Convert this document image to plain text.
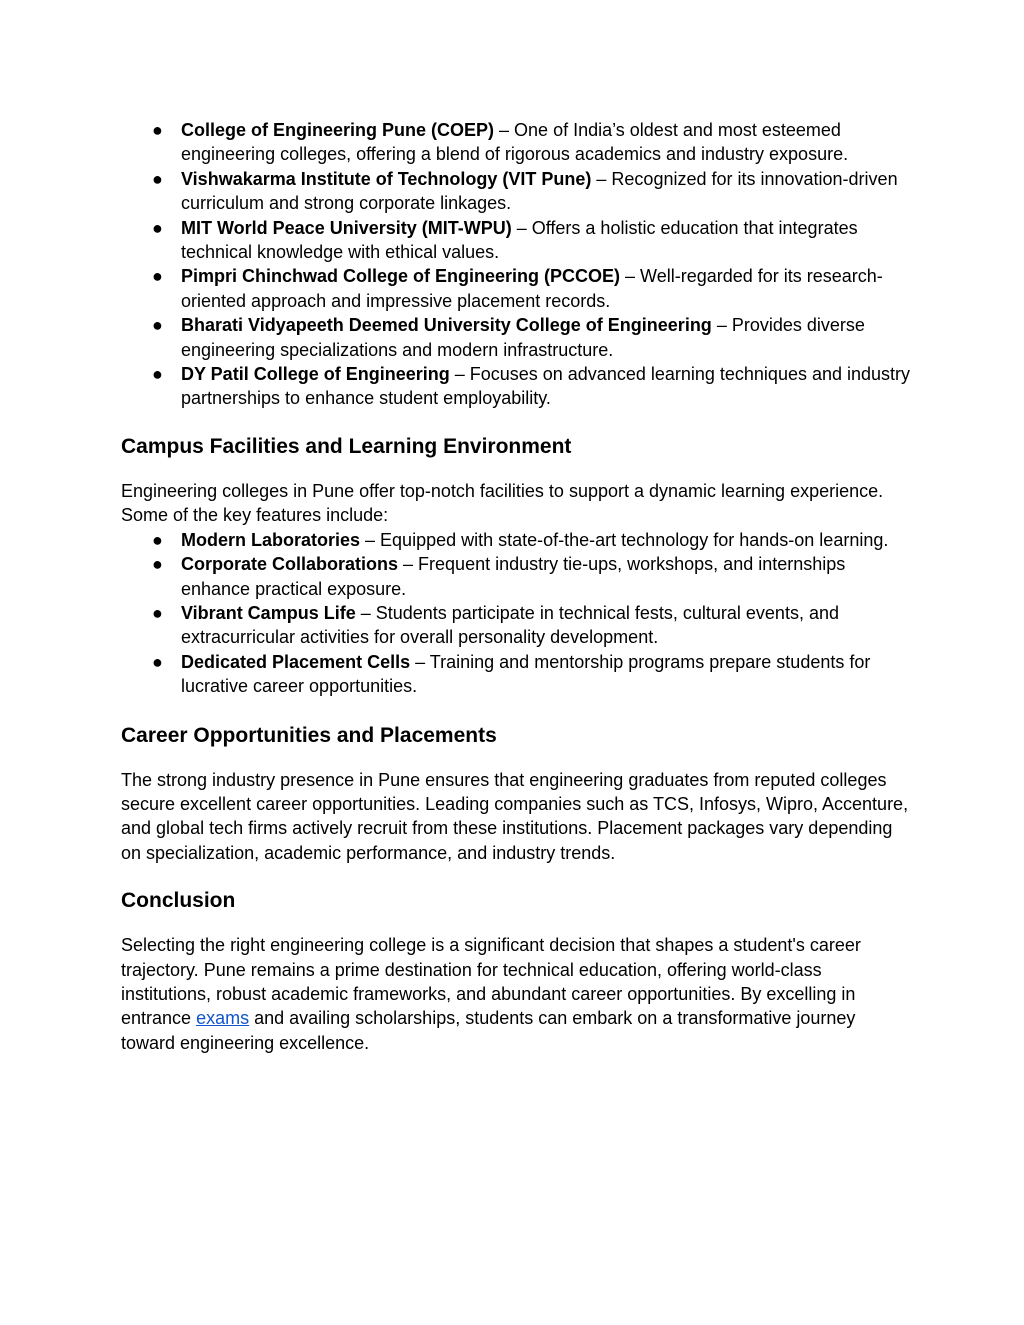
● College of Engineering Pune (COEP) – One of India’s oldest and most esteemed engineering colleges, offering a blend of rigorous academics and industry exposure.
● Vishwakarma Institute of Technology (VIT Pune) – Recognized for its innovation-driven curriculum and strong corporate linkages.
● MIT World Peace University (MIT-WPU) – Offers a holistic education that integrates technical knowledge with ethical values.
● Pimpri Chinchwad College of Engineering (PCCOE) – Well-regarded for its research-oriented approach and impressive placement records.
● Bharati Vidyapeeth Deemed University College of Engineering – Provides diverse engineering specializations and modern infrastructure.
● DY Patil College of Engineering – Focuses on advanced learning techniques and industry partnerships to enhance student employability.
Campus Facilities and Learning Environment

Engineering colleges in Pune offer top-notch facilities to support a dynamic learning experience. Some of the key features include:

● Modern Laboratories – Equipped with state-of-the-art technology for hands-on learning.
● Corporate Collaborations – Frequent industry tie-ups, workshops, and internships enhance practical exposure.
● Vibrant Campus Life – Students participate in technical fests, cultural events, and extracurricular activities for overall personality development.
● Dedicated Placement Cells – Training and mentorship programs prepare students for lucrative career opportunities.
Career Opportunities and Placements

The strong industry presence in Pune ensures that engineering graduates from reputed colleges secure excellent career opportunities. Leading companies such as TCS, Infosys, Wipro, Accenture, and global tech firms actively recruit from these institutions. Placement packages vary depending on specialization, academic performance, and industry trends.

Conclusion

Selecting the right engineering college is a significant decision that shapes a student's career trajectory. Pune remains a prime destination for technical education, offering world-class institutions, robust academic frameworks, and abundant career opportunities. By excelling in entrance exams and availing scholarships, students can embark on a transformative journey toward engineering excellence.
